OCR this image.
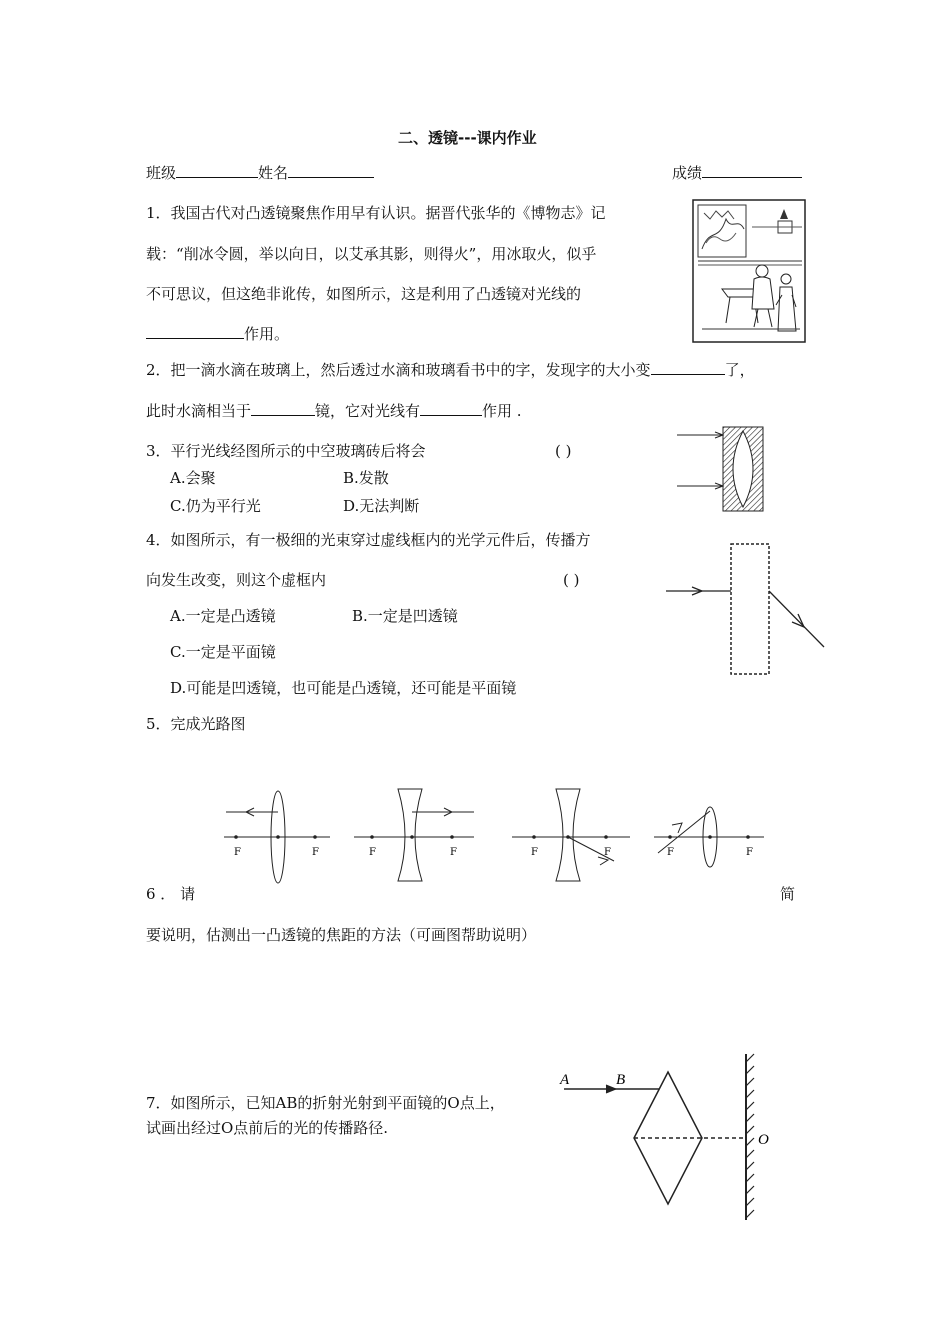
二、透镜---课内作业
班级	姓名	成绩
1．我国古代对凸透镜聚焦作用早有认识。据晋代张华的《博物志》记
载：“削冰令圆，举以向日，以艾承其影，则得火”，用冰取火，似乎
不可思议，但这绝非讹传，如图所示，这是利用了凸透镜对光线的
作用。
2．把一滴水滴在玻璃上，然后透过水滴和玻璃看书中的字，发现字的大小变	了，
此时水滴相当于	镜，它对光线有	作用 .
3．平行光线经图所示的中空玻璃砖后将会	( )
A.会聚	B.发散
C.仍为平行光	D.无法判断
4．如图所示，有一极细的光束穿过虚线框内的光学元件后，传播方
向发生改变，则这个虚框内	( )
A.一定是凸透镜	B.一定是凹透镜
C.一定是平面镜
D.可能是凹透镜，也可能是凸透镜，还可能是平面镜
5．完成光路图
F	F	F	F	F	F	F	F
6 ． 请	简
要说明，估测出一凸透镜的焦距的方法（可画图帮助说明）
7．如图所示，已知AB的折射光射到平面镜的O点上，
试画出经过O点前后的光的传播路径.
A	B
O
